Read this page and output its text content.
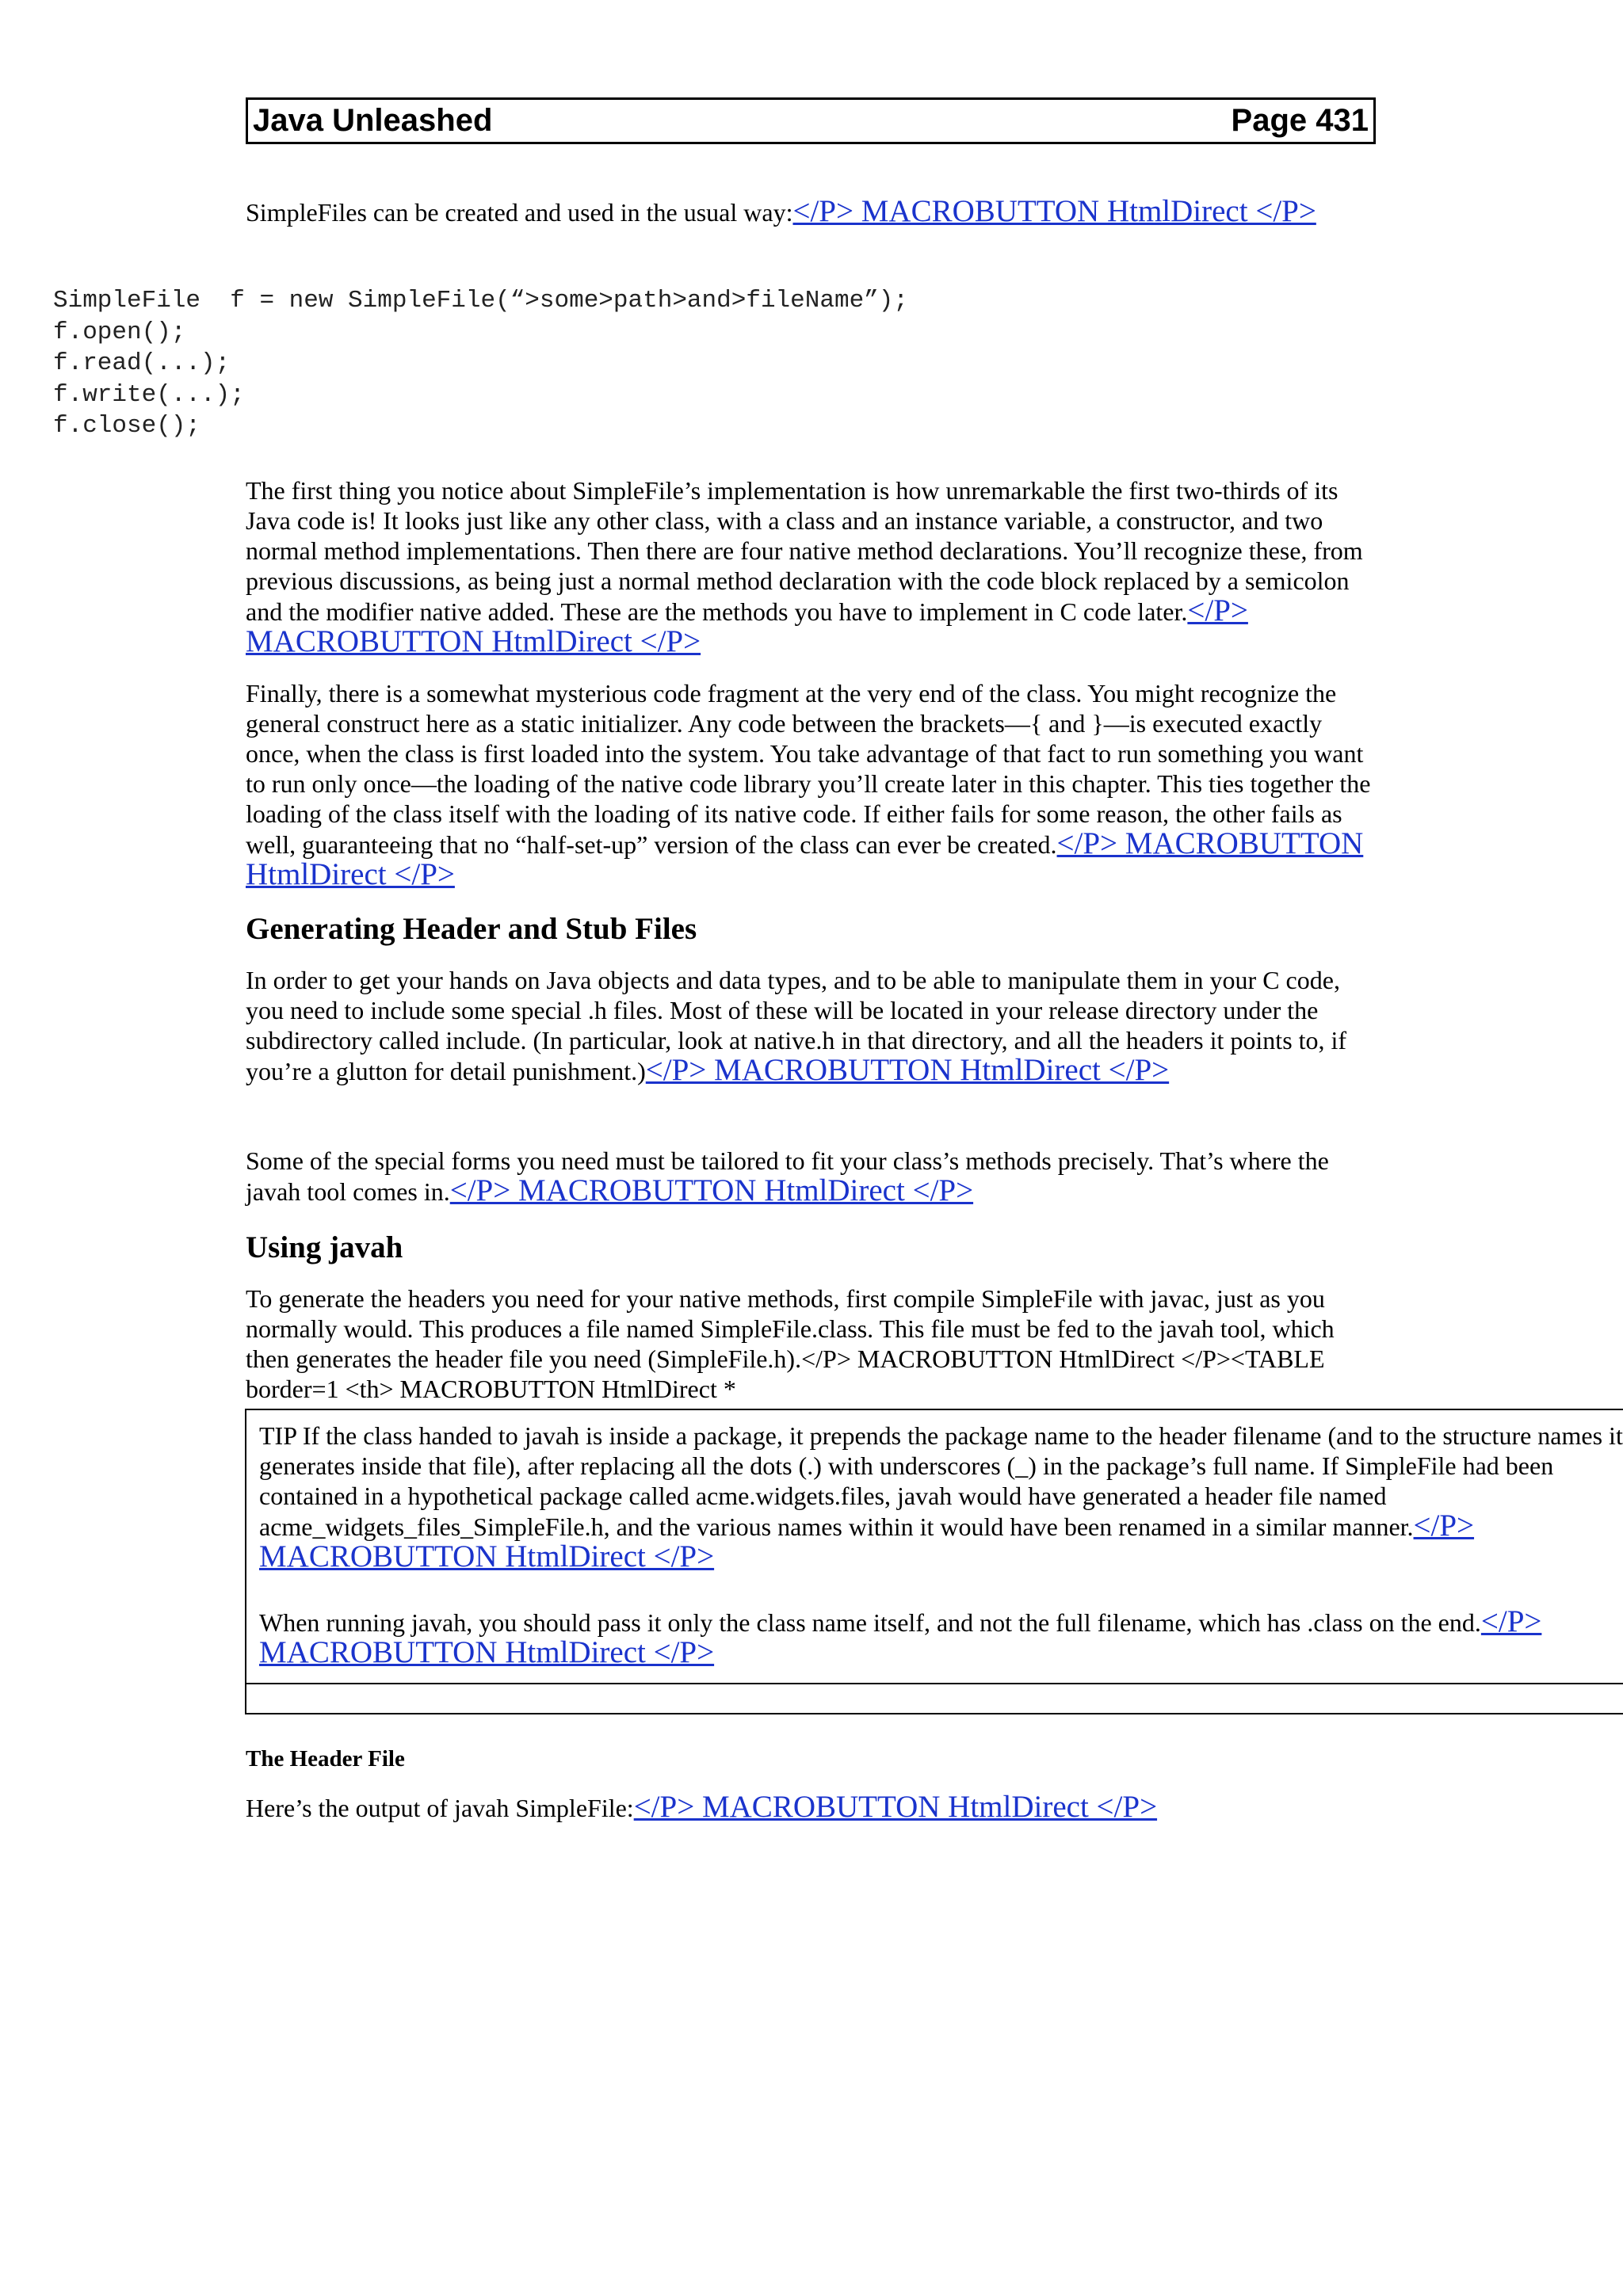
Java Unleashed	Page 431

SimpleFiles can be created and used in the usual way:</P> MACROBUTTON HtmlDirect </P>

SimpleFile  f = new SimpleFile(“>some>path>and>fileName”);
f.open();
f.read(...);
f.write(...);
f.close();

The first thing you notice about SimpleFile’s implementation is how unremarkable the first two-thirds of its Java code is! It looks just like any other class, with a class and an instance variable, a constructor, and two normal method implementations. Then there are four native method declarations. You’ll recognize these, from previous discussions, as being just a normal method declaration with the code block replaced by a semicolon and the modifier native added. These are the methods you have to implement in C code later.</P> MACROBUTTON HtmlDirect </P>

Finally, there is a somewhat mysterious code fragment at the very end of the class. You might recognize the general construct here as a static initializer. Any code between the brackets—{ and }—is executed exactly once, when the class is first loaded into the system. You take advantage of that fact to run something you want to run only once—the loading of the native code library you’ll create later in this chapter. This ties together the loading of the class itself with the loading of its native code. If either fails for some reason, the other fails as well, guaranteeing that no “half-set-up” version of the class can ever be created.</P> MACROBUTTON HtmlDirect </P>

Generating Header and Stub Files

In order to get your hands on Java objects and data types, and to be able to manipulate them in your C code, you need to include some special .h files. Most of these will be located in your release directory under the subdirectory called include. (In particular, look at native.h in that directory, and all the headers it points to, if you’re a glutton for detail punishment.)</P> MACROBUTTON HtmlDirect </P>

Some of the special forms you need must be tailored to fit your class’s methods precisely. That’s where the javah tool comes in.</P> MACROBUTTON HtmlDirect </P>

Using javah

To generate the headers you need for your native methods, first compile SimpleFile with javac, just as you normally would. This produces a file named SimpleFile.class. This file must be fed to the javah tool, which then generates the header file you need (SimpleFile.h).</P> MACROBUTTON HtmlDirect </P><TABLE border=1 <th> MACROBUTTON HtmlDirect *

TIP If the class handed to javah is inside a package, it prepends the package name to the header filename (and to the structure names it generates inside that file), after replacing all the dots (.) with underscores (_) in the package’s full name. If SimpleFile had been contained in a hypothetical package called acme.widgets.files, javah would have generated a header file named acme_widgets_files_SimpleFile.h, and the various names within it would have been renamed in a similar manner.</P> MACROBUTTON HtmlDirect </P>

When running javah, you should pass it only the class name itself, and not the full filename, which has .class on the end.</P> MACROBUTTON HtmlDirect </P>

The Header File

Here’s the output of javah SimpleFile:</P> MACROBUTTON HtmlDirect </P>
